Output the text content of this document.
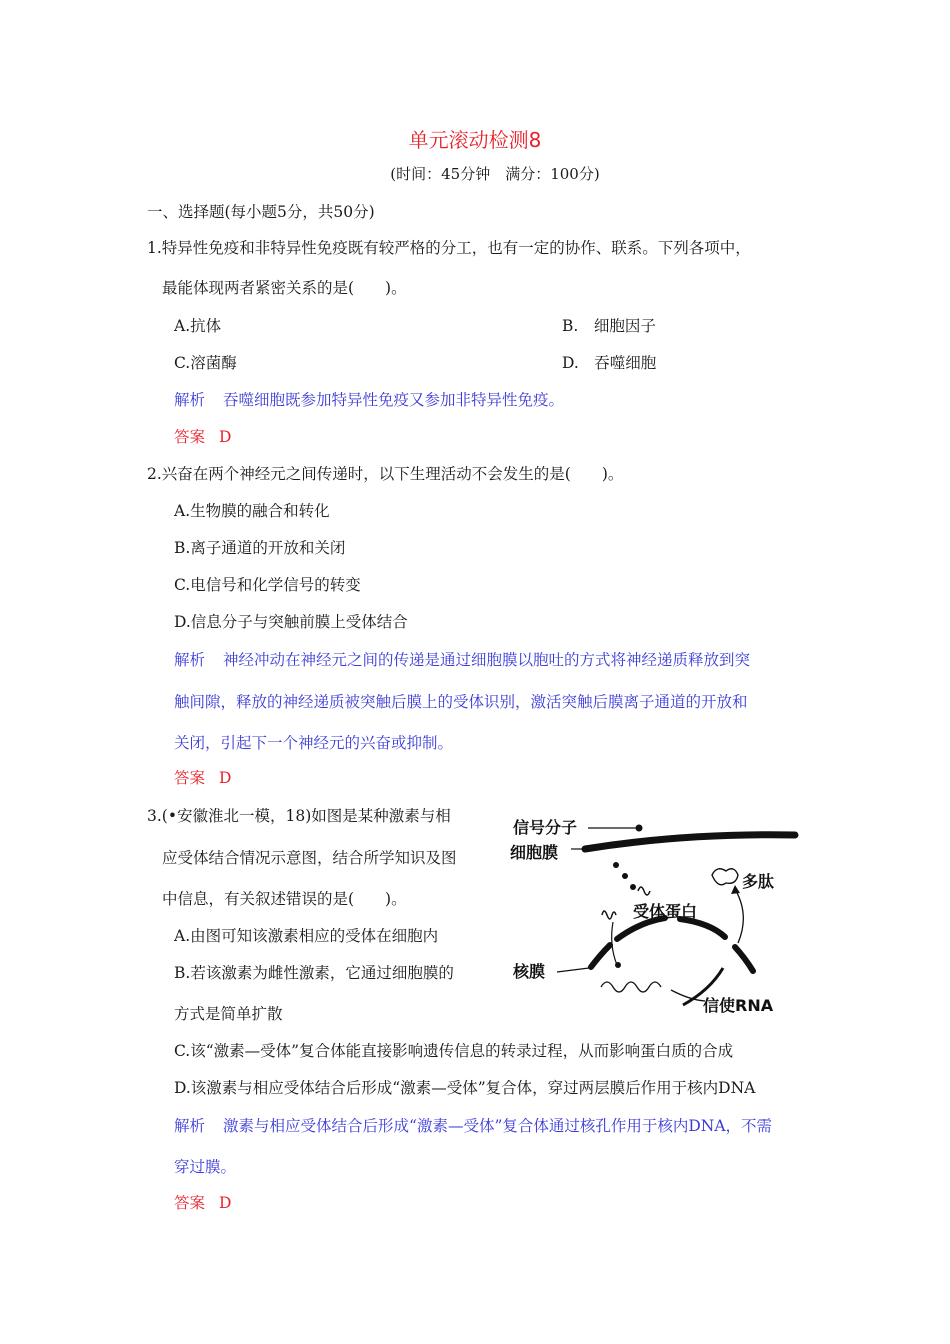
单元滚动检测8
(时间：45分钟　满分：100分)
一、选择题(每小题5分，共50分)
1.特异性免疫和非特异性免疫既有较严格的分工，也有一定的协作、联系。下列各项中，
最能体现两者紧密关系的是(　　)。
A.抗体	B.　细胞因子
C.溶菌酶	D.　吞噬细胞
解析 吞噬细胞既参加特异性免疫又参加非特异性免疫。
答案 D
2.兴奋在两个神经元之间传递时，以下生理活动不会发生的是(　　)。
A.生物膜的融合和转化
B.离子通道的开放和关闭
C.电信号和化学信号的转变
D.信息分子与突触前膜上受体结合
解析 神经冲动在神经元之间的传递是通过细胞膜以胞吐的方式将神经递质释放到突
触间隙，释放的神经递质被突触后膜上的受体识别，激活突触后膜离子通道的开放和
关闭，引起下一个神经元的兴奋或抑制。
答案 D
3.(•安徽淮北一模，18)如图是某种激素与相
应受体结合情况示意图，结合所学知识及图
中信息，有关叙述错误的是(　　)。
A.由图可知该激素相应的受体在细胞内
B.若该激素为雌性激素，它通过细胞膜的
方式是简单扩散
C.该“激素—受体”复合体能直接影响遗传信息的转录过程，从而影响蛋白质的合成
D.该激素与相应受体结合后形成“激素—受体”复合体，穿过两层膜后作用于核内DNA
解析 激素与相应受体结合后形成“激素—受体”复合体通过核孔作用于核内DNA，不需
穿过膜。
答案 D
信号分子
细胞膜
多肽
受体蛋白
核膜
信使RNA
